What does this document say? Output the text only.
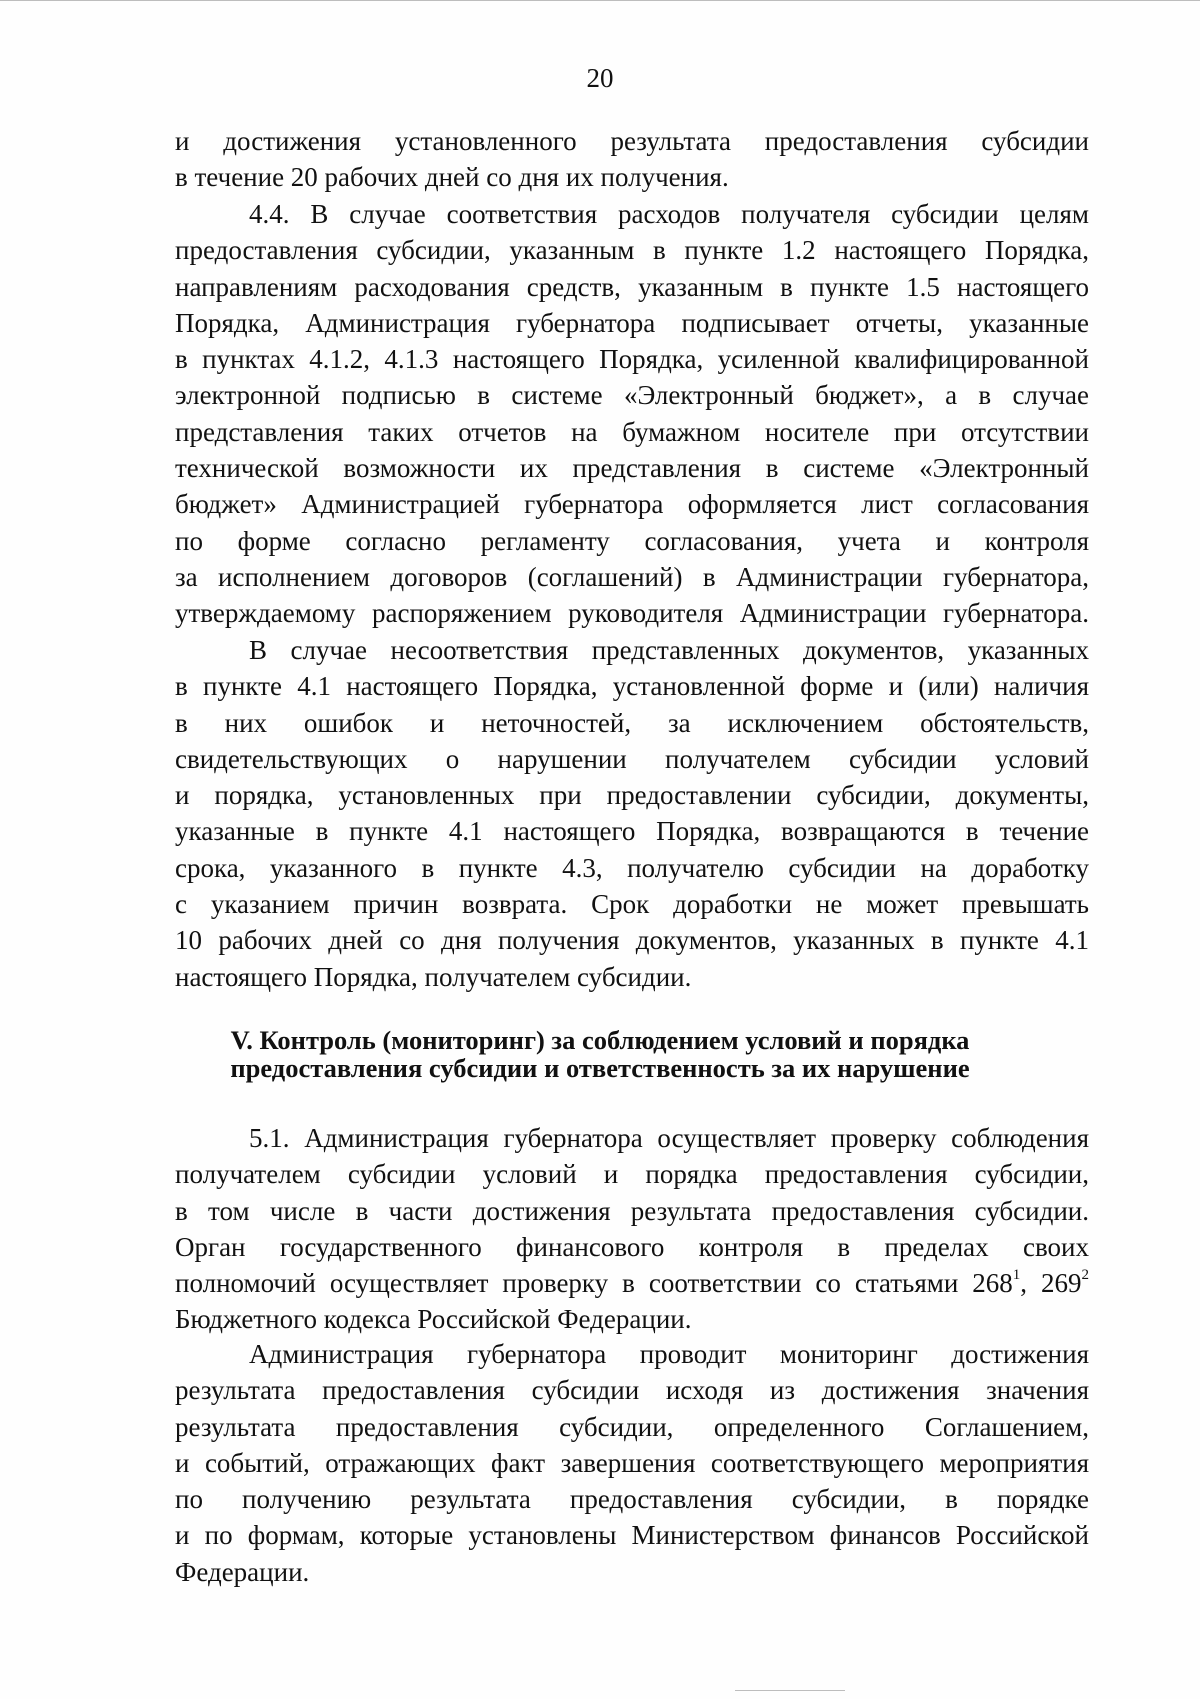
20
и достижения установленного результата предоставления субсидии
в течение 20 рабочих дней со дня их получения.
4.4. В случае соответствия расходов получателя субсидии целям
предоставления субсидии, указанным в пункте 1.2 настоящего Порядка,
направлениям расходования средств, указанным в пункте 1.5 настоящего
Порядка, Администрация губернатора подписывает отчеты, указанные
в пунктах 4.1.2, 4.1.3 настоящего Порядка, усиленной квалифицированной
электронной подписью в системе «Электронный бюджет», а в случае
представления таких отчетов на бумажном носителе при отсутствии
технической возможности их представления в системе «Электронный
бюджет» Администрацией губернатора оформляется лист согласования
по форме согласно регламенту согласования, учета и контроля
за исполнением договоров (соглашений) в Администрации губернатора,
утверждаемому распоряжением руководителя Администрации губернатора.
В случае несоответствия представленных документов, указанных
в пункте 4.1 настоящего Порядка, установленной форме и (или) наличия
в них ошибок и неточностей, за исключением обстоятельств,
свидетельствующих о нарушении получателем субсидии условий
и порядка, установленных при предоставлении субсидии, документы,
указанные в пункте 4.1 настоящего Порядка, возвращаются в течение
срока, указанного в пункте 4.3, получателю субсидии на доработку
с указанием причин возврата. Срок доработки не может превышать
10 рабочих дней со дня получения документов, указанных в пункте 4.1
настоящего Порядка, получателем субсидии.
V. Контроль (мониторинг) за соблюдением условий и порядка
предоставления субсидии и ответственность за их нарушение
5.1. Администрация губернатора осуществляет проверку соблюдения
получателем субсидии условий и порядка предоставления субсидии,
в том числе в части достижения результата предоставления субсидии.
Орган государственного финансового контроля в пределах своих
полномочий осуществляет проверку в соответствии со статьями $268^1$, $269^2$
Бюджетного кодекса Российской Федерации.
Администрация губернатора проводит мониторинг достижения
результата предоставления субсидии исходя из достижения значения
результата предоставления субсидии, определенного Соглашением,
и событий, отражающих факт завершения соответствующего мероприятия
по получению результата предоставления субсидии, в порядке
и по формам, которые установлены Министерством финансов Российской
Федерации.
